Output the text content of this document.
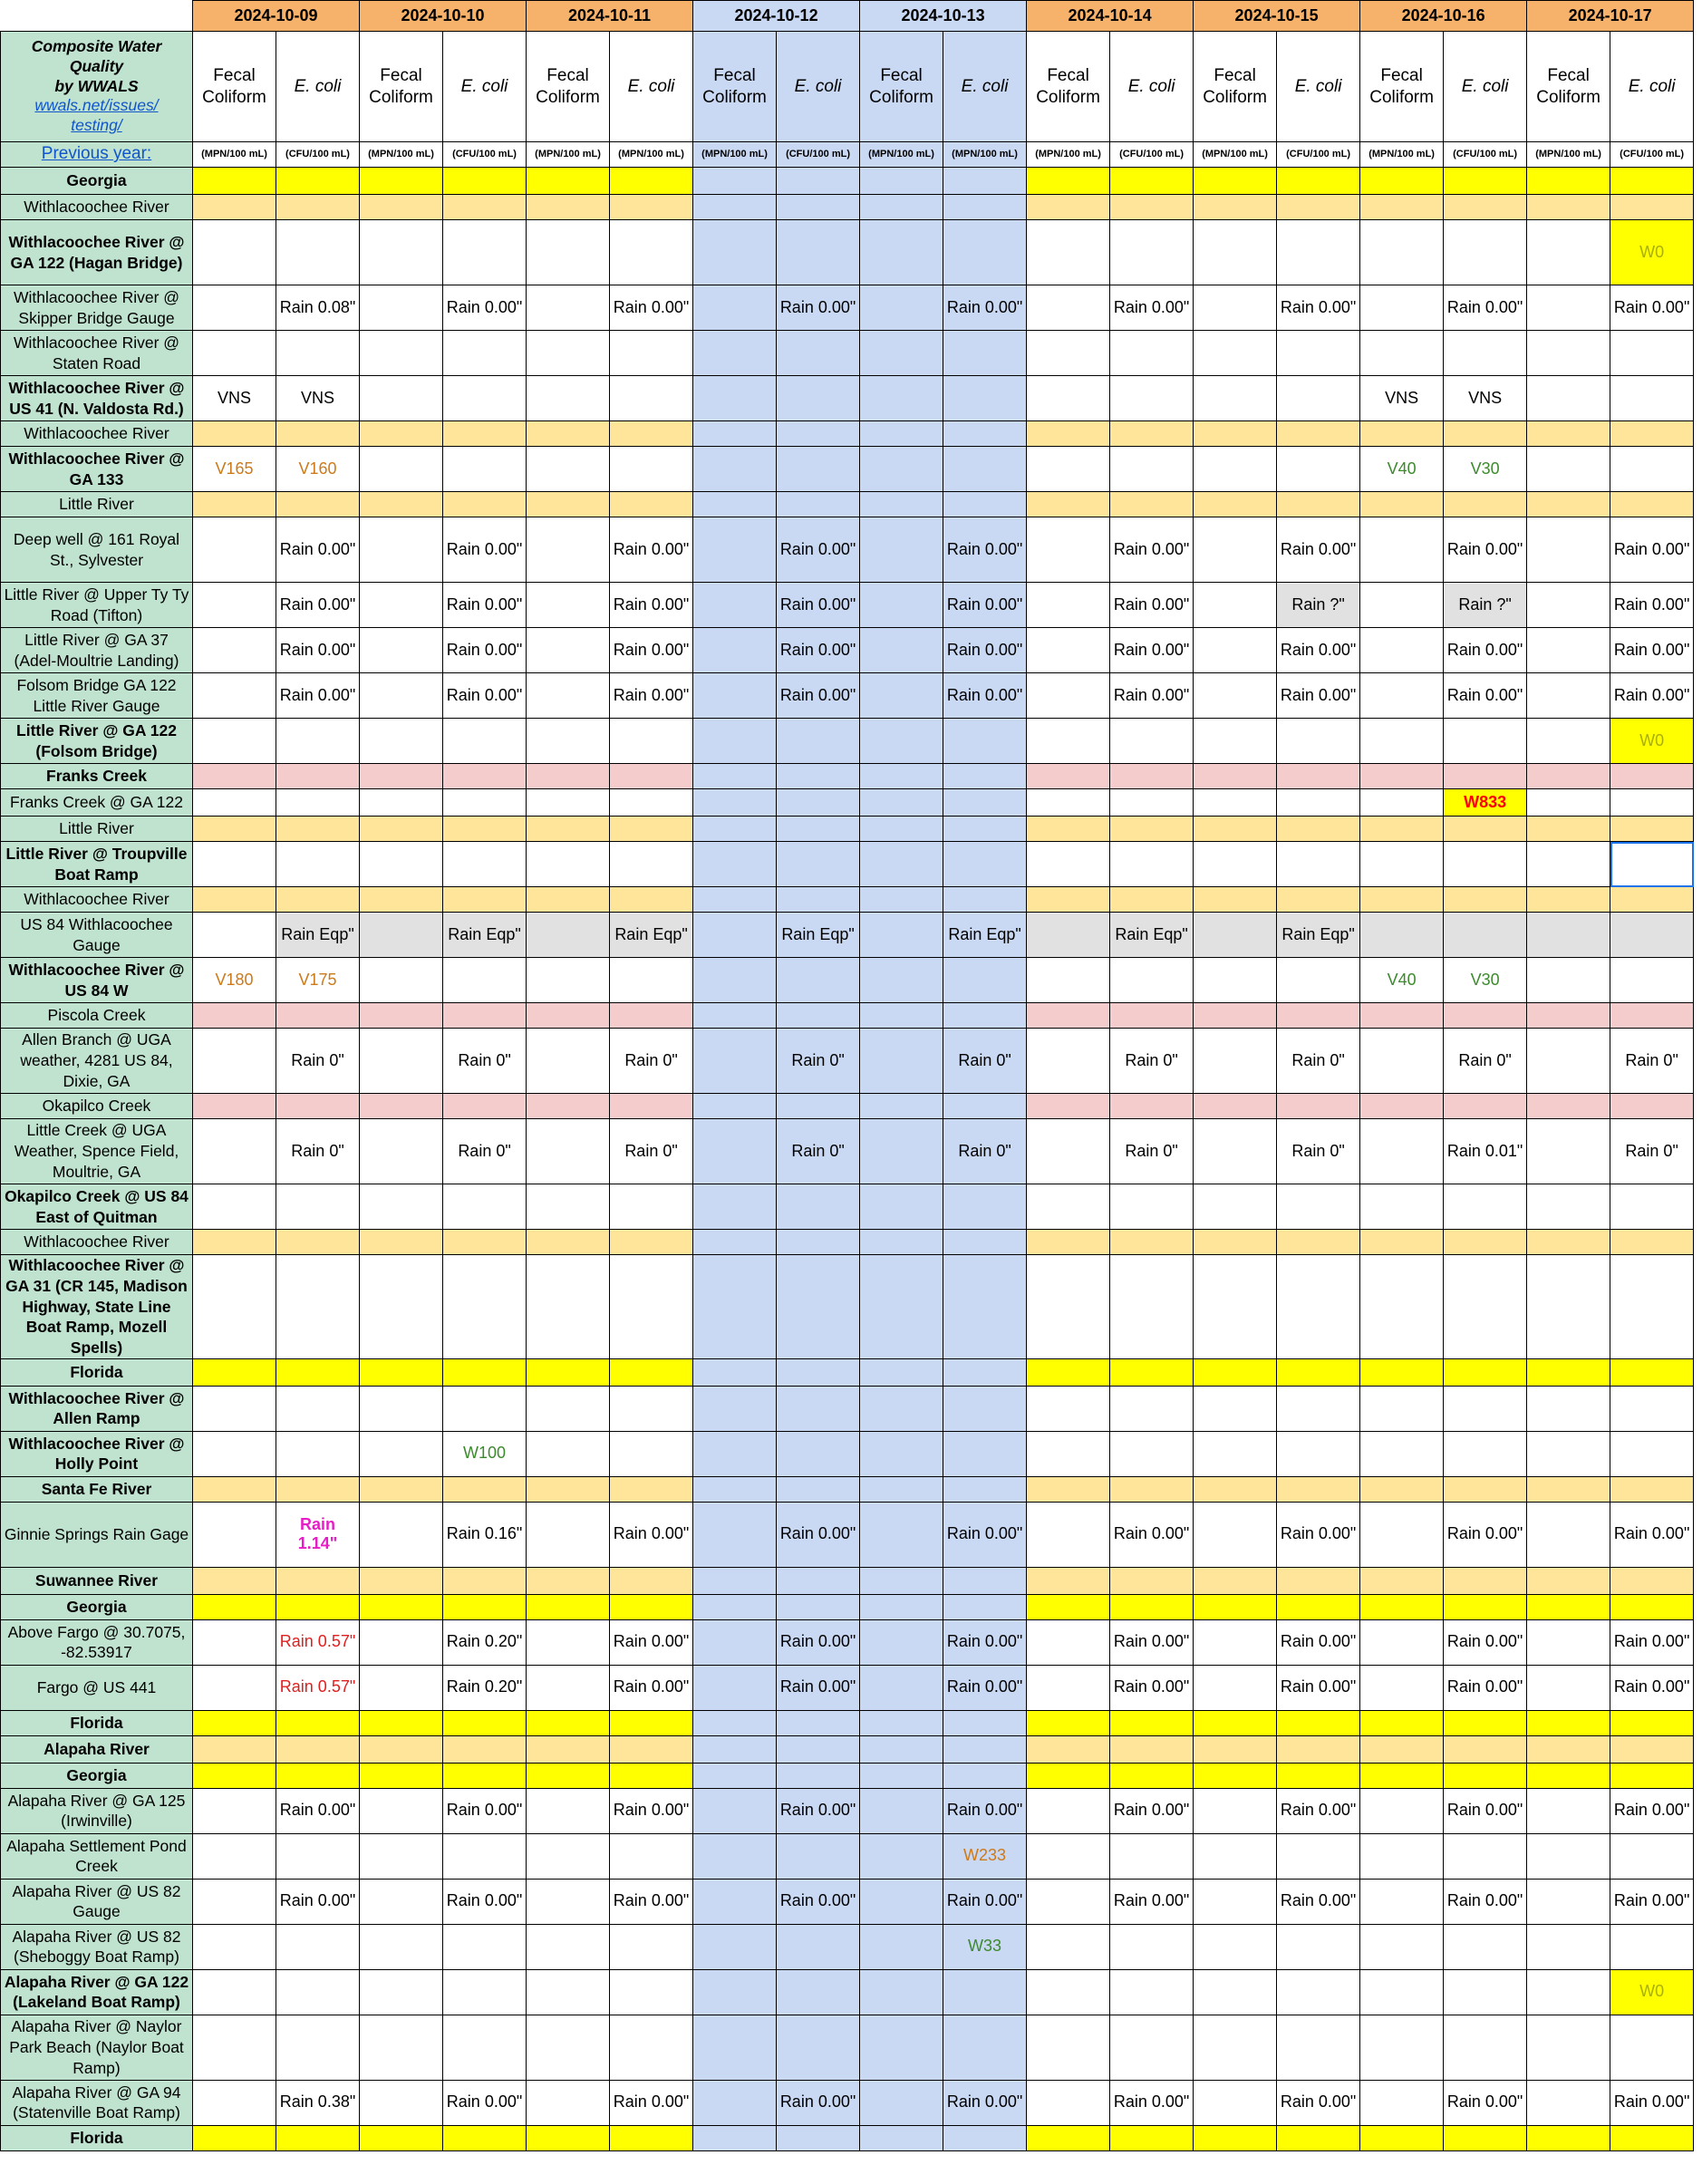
	2024-10-09		2024-10-10		2024-10-11		2024-10-12		2024-10-13		2024-10-14		2024-10-15		2024-10-16		2024-10-17	

Composite Water
Quality
by WWALS
wwals.net/issues/
testing/	Fecal Coliform	E. coli	Fecal Coliform	E. coli	Fecal Coliform	E. coli	Fecal Coliform	E. coli	Fecal Coliform	E. coli	Fecal Coliform	E. coli	Fecal Coliform	E. coli	Fecal Coliform	E. coli	Fecal Coliform	E. coli
Previous year:	(MPN/100 mL)	(CFU/100 mL)	(MPN/100 mL)	(CFU/100 mL)	(MPN/100 mL)	(MPN/100 mL)	(MPN/100 mL)	(CFU/100 mL)	(MPN/100 mL)	(MPN/100 mL)	(MPN/100 mL)	(CFU/100 mL)	(MPN/100 mL)	(CFU/100 mL)	(MPN/100 mL)	(CFU/100 mL)	(MPN/100 mL)	(CFU/100 mL)
Georgia																		
Withlacoochee River																		
Withlacoochee River @ GA 122 (Hagan Bridge)																		W0
Withlacoochee River @ Skipper Bridge Gauge		Rain 0.08"		Rain 0.00"		Rain 0.00"		Rain 0.00"		Rain 0.00"		Rain 0.00"		Rain 0.00"		Rain 0.00"		Rain 0.00"
Withlacoochee River @ Staten Road																		
Withlacoochee River @ US 41 (N. Valdosta Rd.)	VNS	VNS													VNS	VNS		
Withlacoochee River																		
Withlacoochee River @ GA 133	V165	V160													V40	V30		
Little River																		
Deep well @ 161 Royal St., Sylvester		Rain 0.00"		Rain 0.00"		Rain 0.00"		Rain 0.00"		Rain 0.00"		Rain 0.00"		Rain 0.00"		Rain 0.00"		Rain 0.00"
Little River @ Upper Ty Ty Road (Tifton)		Rain 0.00"		Rain 0.00"		Rain 0.00"		Rain 0.00"		Rain 0.00"		Rain 0.00"		Rain ?"		Rain ?"		Rain 0.00"
Little River @ GA 37 (Adel-Moultrie Landing)		Rain 0.00"		Rain 0.00"		Rain 0.00"		Rain 0.00"		Rain 0.00"		Rain 0.00"		Rain 0.00"		Rain 0.00"		Rain 0.00"
Folsom Bridge GA 122 Little River Gauge		Rain 0.00"		Rain 0.00"		Rain 0.00"		Rain 0.00"		Rain 0.00"		Rain 0.00"		Rain 0.00"		Rain 0.00"		Rain 0.00"
Little River @ GA 122 (Folsom Bridge)																		W0
Franks Creek																		
Franks Creek @ GA 122																W833		
Little River																		
Little River @ Troupville Boat Ramp																		
Withlacoochee River																		
US 84 Withlacoochee Gauge		Rain Eqp"		Rain Eqp"		Rain Eqp"		Rain Eqp"		Rain Eqp"		Rain Eqp"		Rain Eqp"				
Withlacoochee River @ US 84 W	V180	V175													V40	V30		
Piscola Creek																		
Allen Branch @ UGA weather, 4281 US 84, Dixie, GA		Rain 0"		Rain 0"		Rain 0"		Rain 0"		Rain 0"		Rain 0"		Rain 0"		Rain 0"		Rain 0"
Okapilco Creek																		
Little Creek @ UGA Weather, Spence Field, Moultrie, GA		Rain 0"		Rain 0"		Rain 0"		Rain 0"		Rain 0"		Rain 0"		Rain 0"		Rain 0.01"		Rain 0"
Okapilco Creek @ US 84 East of Quitman																		
Withlacoochee River																		
Withlacoochee River @ GA 31 (CR 145, Madison Highway, State Line Boat Ramp, Mozell Spells)																		
Florida																		
Withlacoochee River @ Allen Ramp																		
Withlacoochee River @ Holly Point				W100														
Santa Fe River																		
Ginnie Springs Rain Gage		Rain 1.14"		Rain 0.16"		Rain 0.00"		Rain 0.00"		Rain 0.00"		Rain 0.00"		Rain 0.00"		Rain 0.00"		Rain 0.00"
Suwannee River																		
Georgia																		
Above Fargo @ 30.7075, -82.53917		Rain 0.57"		Rain 0.20"		Rain 0.00"		Rain 0.00"		Rain 0.00"		Rain 0.00"		Rain 0.00"		Rain 0.00"		Rain 0.00"
Fargo @ US 441		Rain 0.57"		Rain 0.20"		Rain 0.00"		Rain 0.00"		Rain 0.00"		Rain 0.00"		Rain 0.00"		Rain 0.00"		Rain 0.00"
Florida																		
Alapaha River																		
Georgia																		
Alapaha River @ GA 125 (Irwinville)		Rain 0.00"		Rain 0.00"		Rain 0.00"		Rain 0.00"		Rain 0.00"		Rain 0.00"		Rain 0.00"		Rain 0.00"		Rain 0.00"
Alapaha Settlement Pond Creek										W233								
Alapaha River @ US 82 Gauge		Rain 0.00"		Rain 0.00"		Rain 0.00"		Rain 0.00"		Rain 0.00"		Rain 0.00"		Rain 0.00"		Rain 0.00"		Rain 0.00"
Alapaha River @ US 82 (Sheboggy Boat Ramp)										W33								
Alapaha River @ GA 122 (Lakeland Boat Ramp)																		W0
Alapaha River @ Naylor Park Beach (Naylor Boat Ramp)																		
Alapaha River @ GA 94 (Statenville Boat Ramp)		Rain 0.38"		Rain 0.00"		Rain 0.00"		Rain 0.00"		Rain 0.00"		Rain 0.00"		Rain 0.00"		Rain 0.00"		Rain 0.00"
Florida																		
